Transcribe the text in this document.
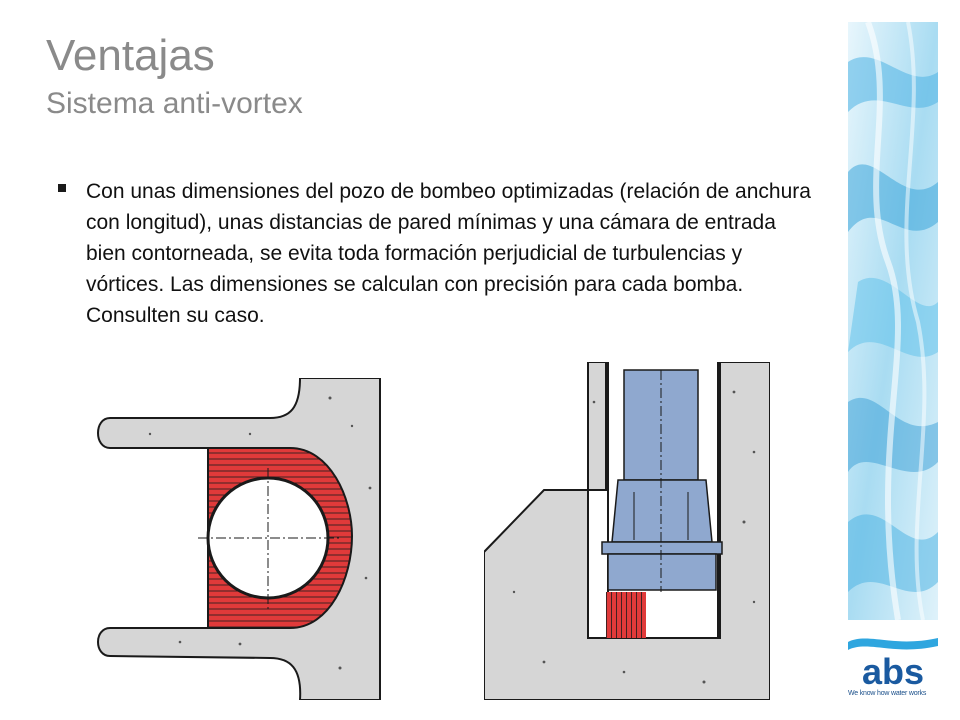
Ventajas
Sistema anti-vortex
Con unas dimensiones del pozo de bombeo optimizadas (relación de anchura con longitud), unas distancias de pared mínimas y una cámara de entrada bien contorneada, se evita toda formación perjudicial de turbulencias y vórtices. Las dimensiones se calculan con precisión para cada bomba. Consulten su caso.
abs
We know how water works
